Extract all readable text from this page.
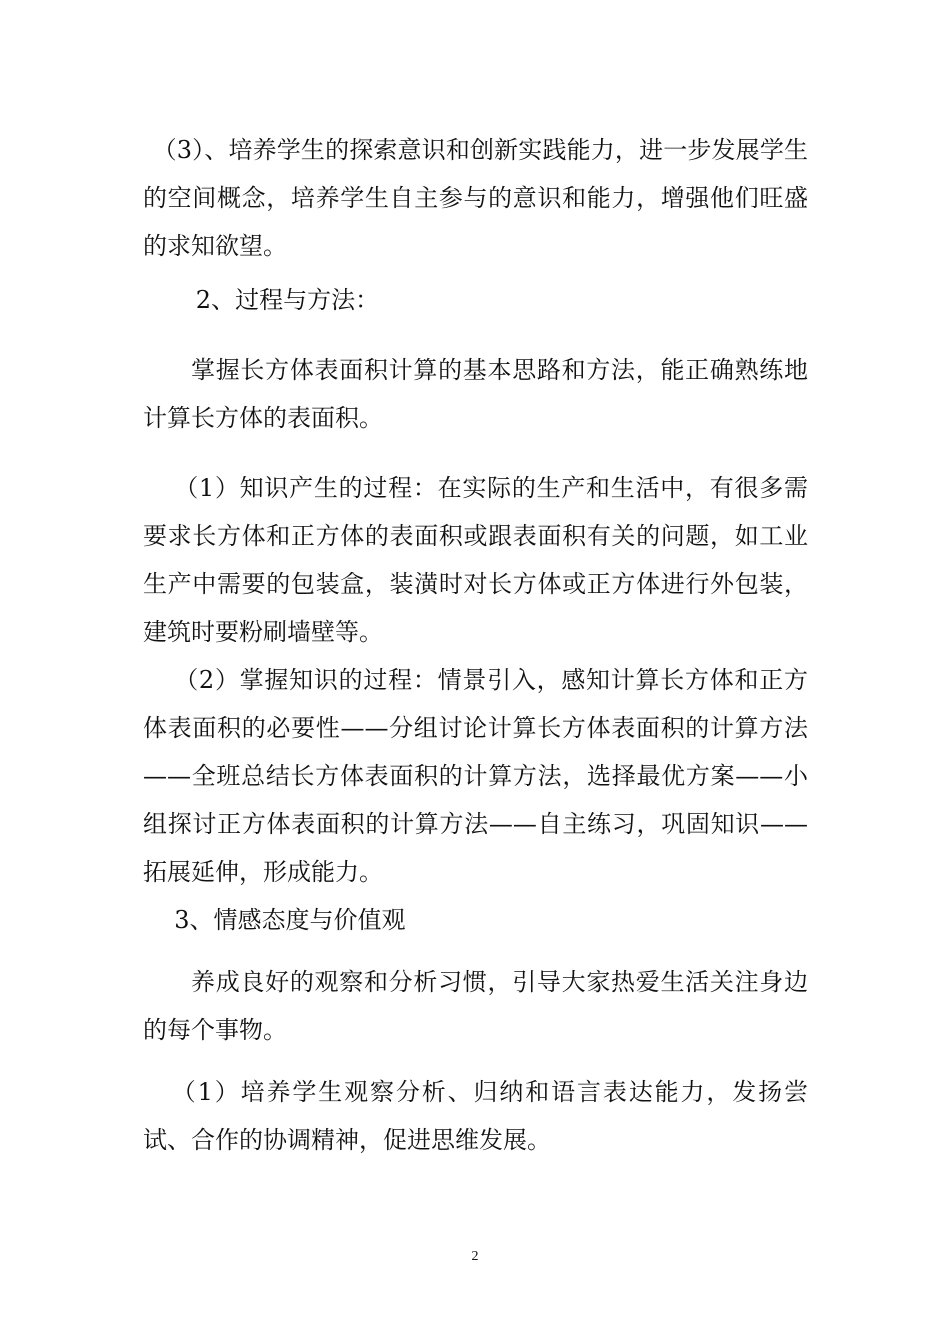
（3）、培养学生的探索意识和创新实践能力，进一步发展学生的空间概念，培养学生自主参与的意识和能力，增强他们旺盛的求知欲望。

2、过程与方法：

掌握长方体表面积计算的基本思路和方法，能正确熟练地计算长方体的表面积。

（1）知识产生的过程：在实际的生产和生活中，有很多需要求长方体和正方体的表面积或跟表面积有关的问题，如工业生产中需要的包装盒，装潢时对长方体或正方体进行外包装，建筑时要粉刷墙壁等。

（2）掌握知识的过程：情景引入，感知计算长方体和正方体表面积的必要性——分组讨论计算长方体表面积的计算方法——全班总结长方体表面积的计算方法，选择最优方案——小组探讨正方体表面积的计算方法——自主练习，巩固知识——拓展延伸，形成能力。

3、情感态度与价值观

养成良好的观察和分析习惯，引导大家热爱生活关注身边的每个事物。

（1）培养学生观察分析、归纳和语言表达能力，发扬尝试、合作的协调精神，促进思维发展。

2
